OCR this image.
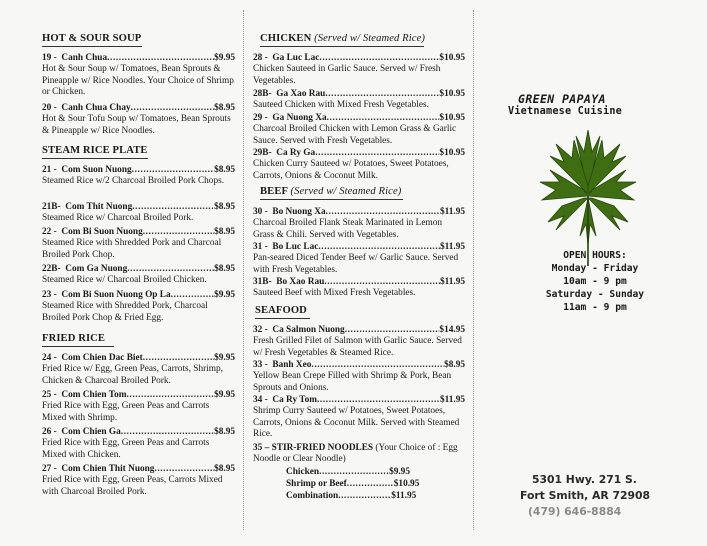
HOT & SOUR SOUP
19 - Canh Chua .....	$9.95
Hot & Sour Soup w/ Tomatoes, Bean Sprouts & Pineapple w/ Rice Noodles. Your Choice of Shrimp or Chicken.
20 - Canh Chua Chay .....	$8.95
Hot & Sour Tofu Soup w/ Tomatoes, Bean Sprouts & Pineapple w/ Rice Noodles.
STEAM RICE PLATE
21 - Com Suon Nuong .....	$8.95
Steamed Rice w/2 Charcoal Broiled Pork Chops.
21B- Com Thit Nuong .....	$8.95
Steamed Rice w/ Charcoal Broiled Pork.
22 - Com Bi Suon Nuong .....	$8.95
Steamed Rice with Shredded Pork and Charcoal Broiled Pork Chop.
22B- Com Ga Nuong .....	$8.95
Steamed Rice w/ Charcoal Broiled Chicken.
23 - Com Bi Suon Nuong Op La .....	$9.95
Steamed Rice with Shredded Pork, Charcoal Broiled Pork Chop & Fried Egg.
FRIED RICE
24 - Com Chien Dac Biet .....	$9.95
Fried Rice w/ Egg, Green Peas, Carrots, Shrimp, Chicken & Charcoal Broiled Pork.
25 - Com Chien Tom .....	$9.95
Fried Rice with Egg, Green Peas and Carrots Mixed with Shrimp.
26 - Com Chien Ga .....	$8.95
Fried Rice with Egg, Green Peas and Carrots Mixed with Chicken.
27 - Com Chien Thit Nuong .....	$8.95
Fried Rice with Egg, Green Peas, Carrots Mixed with Charcoal Broiled Pork.
CHICKEN (Served w/ Steamed Rice)
28 - Ga Luc Lac .....	$10.95
Chicken Sauteed in Garlic Sauce. Served w/ Fresh Vegetables.
28B- Ga Xao Rau .....	$10.95
Sauteed Chicken with Mixed Fresh Vegetables.
29 - Ga Nuong Xa .....	$10.95
Charcoal Broiled Chicken with Lemon Grass & Garlic Sauce. Served with Fresh Vegetables.
29B- Ca Ry Ga .....	$10.95
Chicken Curry Sauteed w/ Potatoes, Sweet Potatoes, Carrots, Onions & Coconut Milk.
BEEF (Served w/ Steamed Rice)
30 - Bo Nuong Xa .....	$11.95
Charcoal Broiled Flank Steak Marinated in Lemon Grass & Chili. Served with Vegetables.
31 - Bo Luc Lac .....	$11.95
Pan-seared Diced Tender Beef w/ Garlic Sauce. Served with Fresh Vegetables.
31B- Bo Xao Rau .....	$11.95
Sauteed Beef with Mixed Fresh Vegetables.
SEAFOOD
32 - Ca Salmon Nuong .....	$14.95
Fresh Grilled Filet of Salmon with Garlic Sauce. Served w/ Fresh Vegetables & Steamed Rice.
33 - Banh Xeo .....	$8.95
Yellow Bean Crepe Filled with Shrimp & Pork, Bean Sprouts and Onions.
34 - Ca Ry Tom .....	$11.95
Shrimp Curry Sauteed w/ Potatoes, Sweet Potatoes, Carrots, Onions & Coconut Milk. Served with Steamed Rice.
35 – STIR-FRIED NOODLES (Your Choice of : Egg Noodle or Clear Noodle)
Chicken .....	$9.95
Shrimp or Beef .....	$10.95
Combination .....	$11.95
GREEN PAPAYA
Vietnamese Cuisine
OPEN HOURS:
Monday - Friday
10am - 9 pm
Saturday - Sunday
11am - 9 pm
5301 Hwy. 271 S.
Fort Smith, AR 72908
(479) 646-8884
